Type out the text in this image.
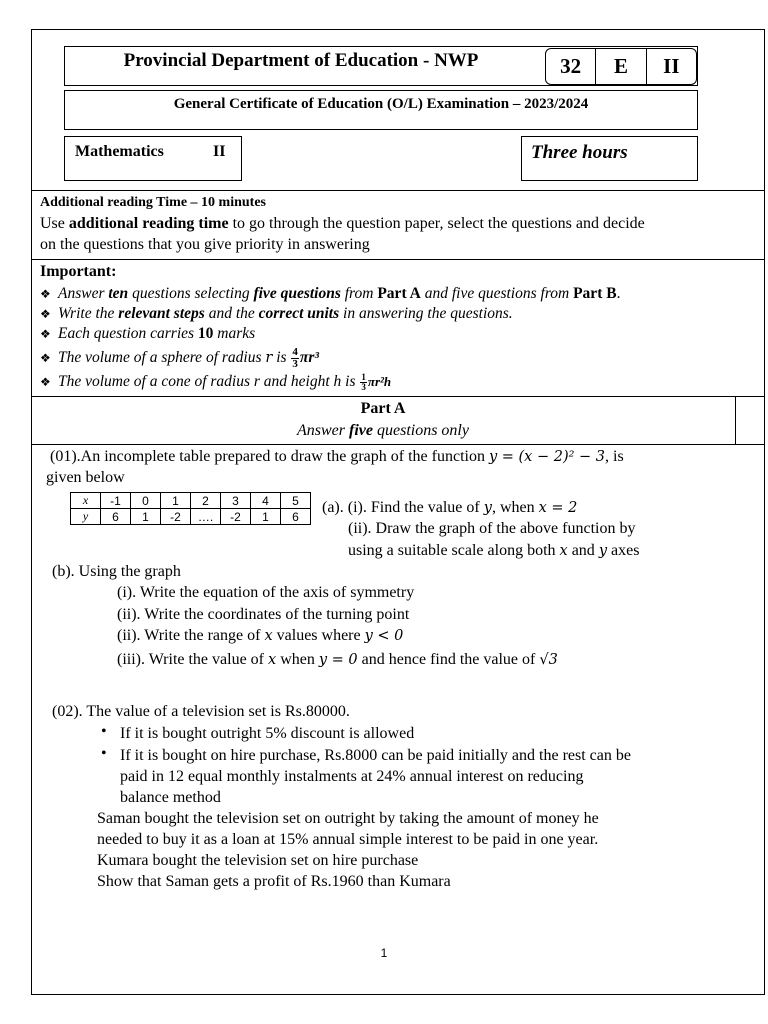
Provincial Department of Education - NWP	32	E	II
General Certificate of Education (O/L) Examination – 2023/2024
Mathematics	II	Three hours
Additional reading Time – 10 minutes
Use additional reading time to go through the question paper, select the questions and decide
on the questions that you give priority in answering
Important:
❖ Answer ten questions selecting five questions from Part A and five questions from Part B.
❖ Write the relevant steps and the correct units in answering the questions.
❖ Each question carries 10 marks
❖ The volume of a sphere of radius r is $\frac{4}{3} \pi r^3$
❖ The volume of a cone of radius r and height h is $\frac{1}{3} \pi r^2h$
Part A
Answer five questions only
(01).An incomplete table prepared to draw the graph of the function y = (x − 2)² − 3, is
given below
x	-1	0	1	2	3	4	5
y	6	1	-2	….	-2	1	6
(a). (i). Find the value of y, when x = 2
(ii). Draw the graph of the above function by
using a suitable scale along both x and y axes
(b). Using the graph
(i). Write the equation of the axis of symmetry
(ii). Write the coordinates of the turning point
(ii). Write the range of x values where y < 0
(iii). Write the value of x when y = 0 and hence find the value of √3
(02). The value of a television set is Rs.80000.
• If it is bought outright 5% discount is allowed
• If it is bought on hire purchase, Rs.8000 can be paid initially and the rest can be
paid in 12 equal monthly instalments at 24% annual interest on reducing
balance method
Saman bought the television set on outright by taking the amount of money he
needed to buy it as a loan at 15% annual simple interest to be paid in one year.
Kumara bought the television set on hire purchase
Show that Saman gets a profit of Rs.1960 than Kumara
1
